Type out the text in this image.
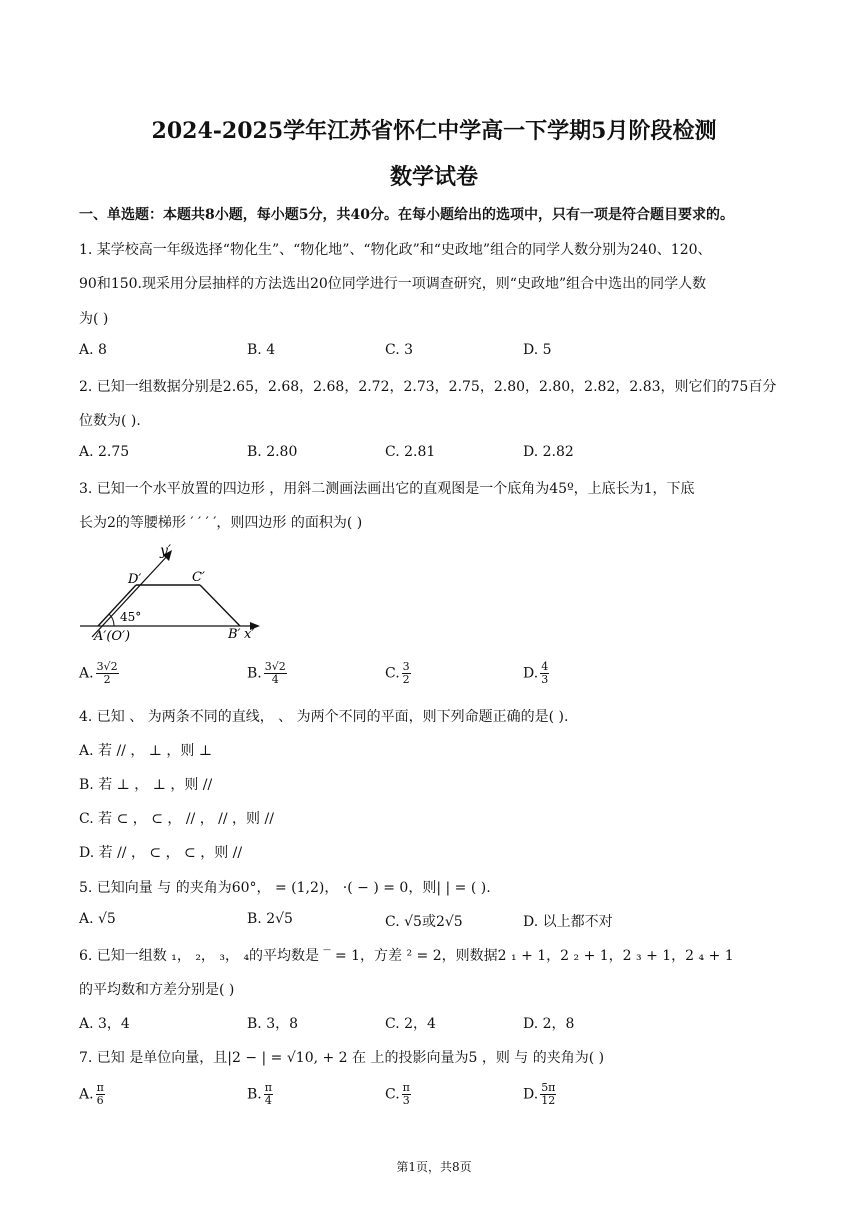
2024-2025学年江苏省怀仁中学高一下学期5月阶段检测
数学试卷
一、单选题：本题共8小题，每小题5分，共40分。在每小题给出的选项中，只有一项是符合题目要求的。
1. 某学校高一年级选择“物化生”、“物化地”、“物化政”和“史政地”组合的同学人数分别为240、120、
90和150.现采用分层抽样的方法选出20位同学进行一项调查研究，则“史政地”组合中选出的同学人数
为( )
A. 8	B. 4	C. 3	D. 5
2. 已知一组数据分别是2.65，2.68，2.68，2.72，2.73，2.75，2.80，2.80，2.82，2.83，则它们的75百分
位数为( ).
A. 2.75	B. 2.80	C. 2.81	D. 2.82
3. 已知一个水平放置的四边形 ，用斜二测画法画出它的直观图是一个底角为45º，上底长为1，下底
长为2的等腰梯形 ′ ′ ′ ′，则四边形 的面积为( )
y′
D′	C′
45°
A′(O′)	B′ x′
A. $\frac{3√2}{2}$	B. $\frac{3√2}{4}$	C. $\frac{3}{2}$	D. $\frac{4}{3}$
4. 已知 、 为两条不同的直线， 、 为两个不同的平面，则下列命题正确的是( ).
A. 若 // ， ⊥ ，则 ⊥
B. 若 ⊥ ， ⊥ ，则 //
C. 若 ⊂ ， ⊂ ， // ， // ，则 //
D. 若 // ， ⊂ ， ⊂ ，则 //
5. 已知向量 与 的夹角为60°， = (1,2)， ·( − ) = 0，则| | = ( ).
A. √5	B. 2√5	C. √5或2√5	D. 以上都不对
6. 已知一组数 ₁， ₂， ₃， ₄的平均数是 ‾ = 1，方差 ² = 2，则数据2 ₁ + 1，2 ₂ + 1，2 ₃ + 1，2 ₄ + 1
的平均数和方差分别是( )
A. 3，4	B. 3，8	C. 2，4	D. 2，8
7. 已知 是单位向量，且|2 − | = √10, + 2 在 上的投影向量为5 ，则 与 的夹角为( )
A. $\frac{\pi}{6}$	B. $\frac{\pi}{4}$	C. $\frac{\pi}{3}$	D. $\frac{5\pi}{12}$
第1页，共8页
